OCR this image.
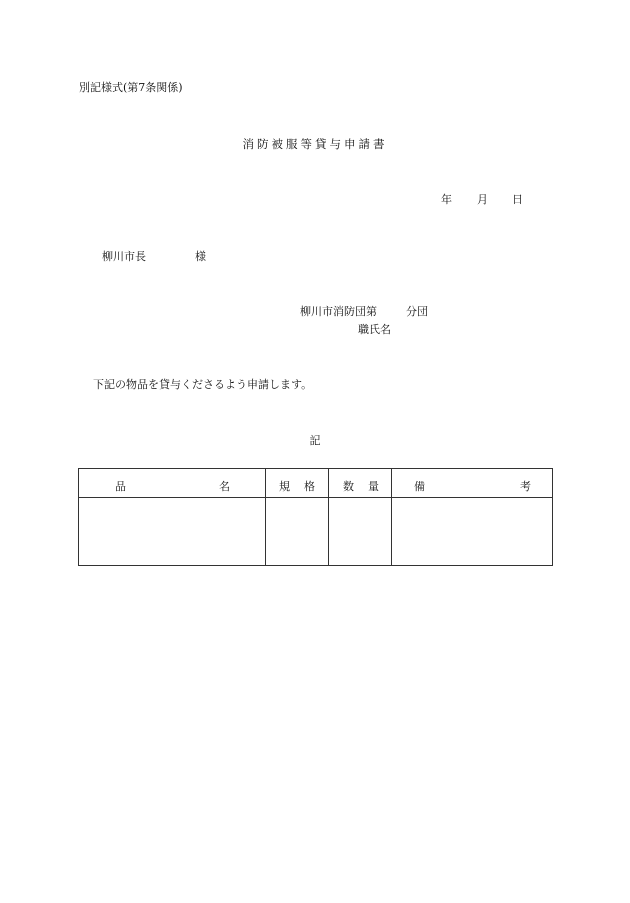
別記様式(第7条関係)
消防被服等貸与申請書
年 月 日
柳川市長	様
柳川市消防団第	分団
職氏名
下記の物品を貸与くださるよう申請します。
記
品 名	規 格	数 量	備 考
